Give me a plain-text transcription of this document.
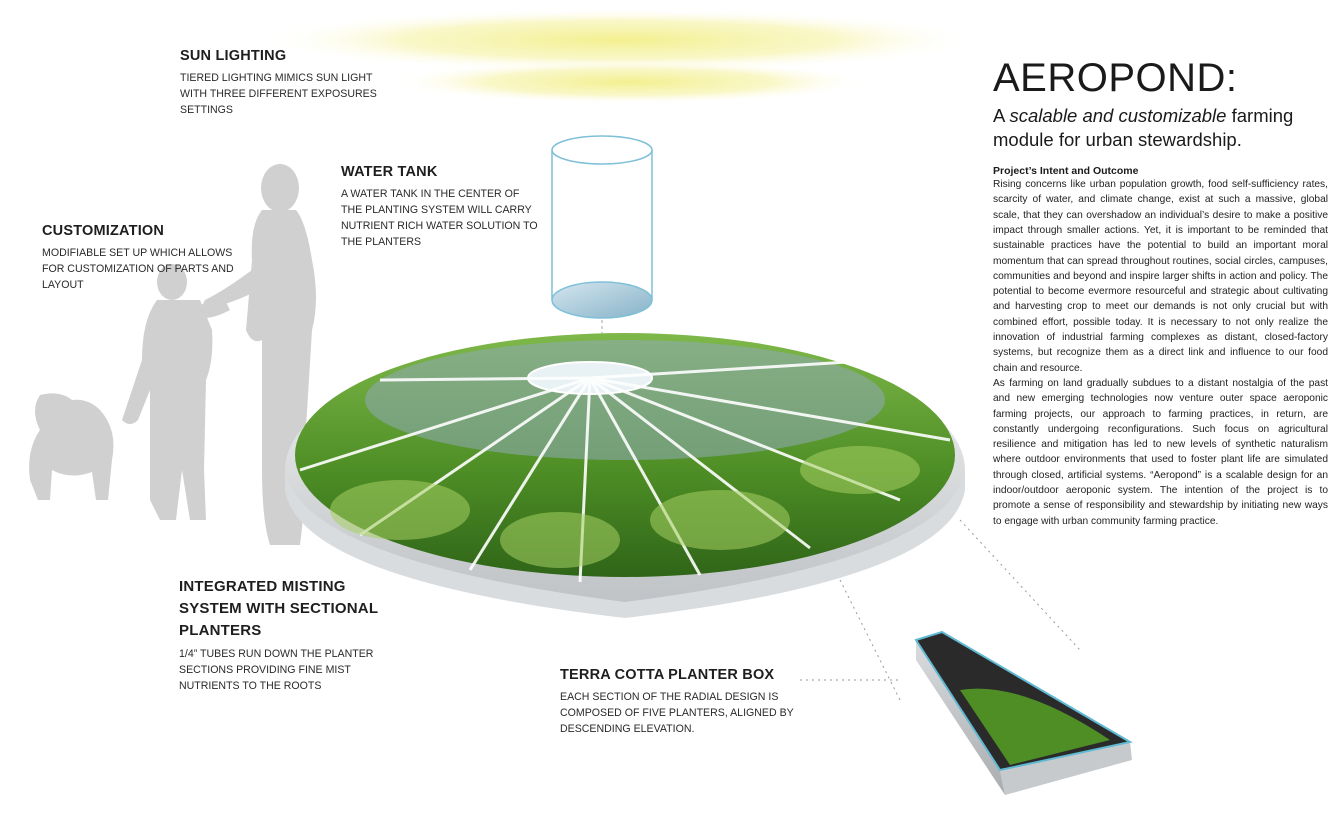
SUN LIGHTING
TIERED LIGHTING MIMICS SUN LIGHT WITH THREE DIFFERENT EXPOSURES SETTINGS
WATER TANK
A WATER TANK IN THE CENTER OF THE PLANTING SYSTEM WILL CARRY NUTRIENT RICH WATER SOLUTION TO THE PLANTERS
CUSTOMIZATION
MODIFIABLE SET UP WHICH ALLOWS FOR CUSTOMIZATION OF PARTS AND LAYOUT
INTEGRATED MISTING SYSTEM WITH SECTIONAL PLANTERS
1/4” TUBES RUN DOWN THE PLANTER SECTIONS PROVIDING FINE MIST NUTRIENTS TO THE ROOTS
TERRA COTTA PLANTER BOX
EACH SECTION OF THE RADIAL DESIGN IS COMPOSED OF FIVE PLANTERS, ALIGNED BY DESCENDING ELEVATION.
AEROPOND:
A scalable and customizable farming module for urban stewardship.
Project’s Intent and Outcome

Rising concerns like urban population growth, food self-sufficiency rates, scarcity of water, and climate change, exist at such a massive, global scale, that they can overshadow an individual’s desire to make a positive impact through smaller actions. Yet, it is important to be reminded that sustainable practices have the potential to build an important moral momentum that can spread throughout routines, social circles, campuses, communities and beyond and inspire larger shifts in action and policy. The potential to become evermore resourceful and strategic about cultivating and harvesting crop to meet our demands is not only crucial but with combined effort, possible today. It is necessary to not only realize the innovation of industrial farming complexes as distant, closed-factory systems, but recognize them as a direct link and influence to our food chain and resource.

As farming on land gradually subdues to a distant nostalgia of the past and new emerging technologies now venture outer space aeroponic farming projects, our approach to farming practices, in return, are constantly undergoing reconfigurations. Such focus on agricultural resilience and mitigation has led to new levels of synthetic naturalism where outdoor environments that used to foster plant life are simulated through closed, artificial systems. “Aeropond” is a scalable design for an indoor/outdoor aeroponic system. The intention of the project is to promote a sense of responsibility and stewardship by initiating new ways to engage with urban community farming practice.
